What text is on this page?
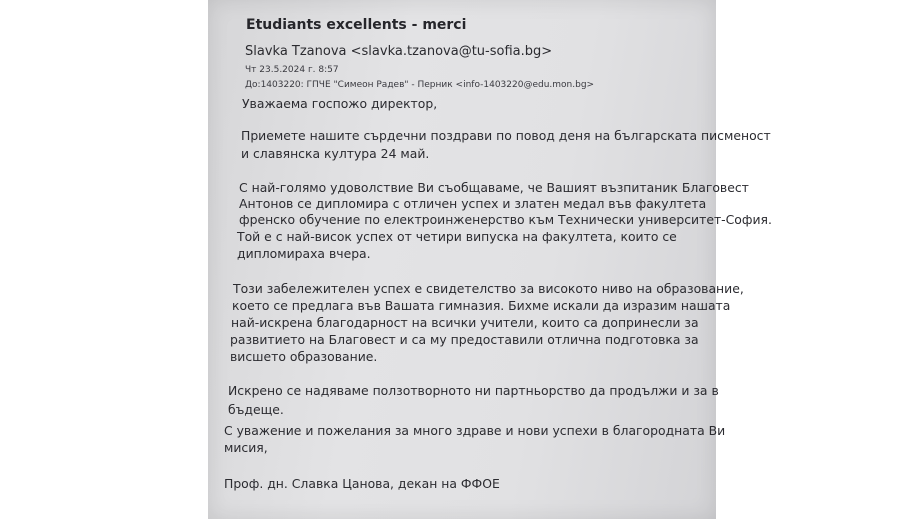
Etudiants excellents - merci

Slavka Tzanova <slavka.tzanova@tu-sofia.bg>

Чт 23.5.2024 г. 8:57

До:1403220: ГПЧЕ "Симеон Радев" - Перник <info-1403220@edu.mon.bg>

Уважаема госпожо директор,

Приемете нашите сърдечни поздрави по повод деня на българската писменост

и славянска култура 24 май.

С най-голямо удоволствие Ви съобщаваме, че Вашият възпитаник Благовест

Антонов се дипломира с отличен успех и златен медал във факултета

френско обучение по електроинженерство към Технически университет-София.

Той е с най-висок успех от четири випуска на факултета, които се

дипломираха вчера.

Този забележителен успех е свидетелство за високото ниво на образование,

което се предлага във Вашата гимназия. Бихме искали да изразим нашата

най-искрена благодарност на всички учители, които са допринесли за

развитието на Благовест и са му предоставили отлична подготовка за

висшето образование.

Искрено се надяваме ползотворното ни партньорство да продължи и за в

бъдеще.

С уважение и пожелания за много здраве и нови успехи в благородната Ви

мисия,

Проф. дн. Славка Цанова, декан на ФФОЕ
